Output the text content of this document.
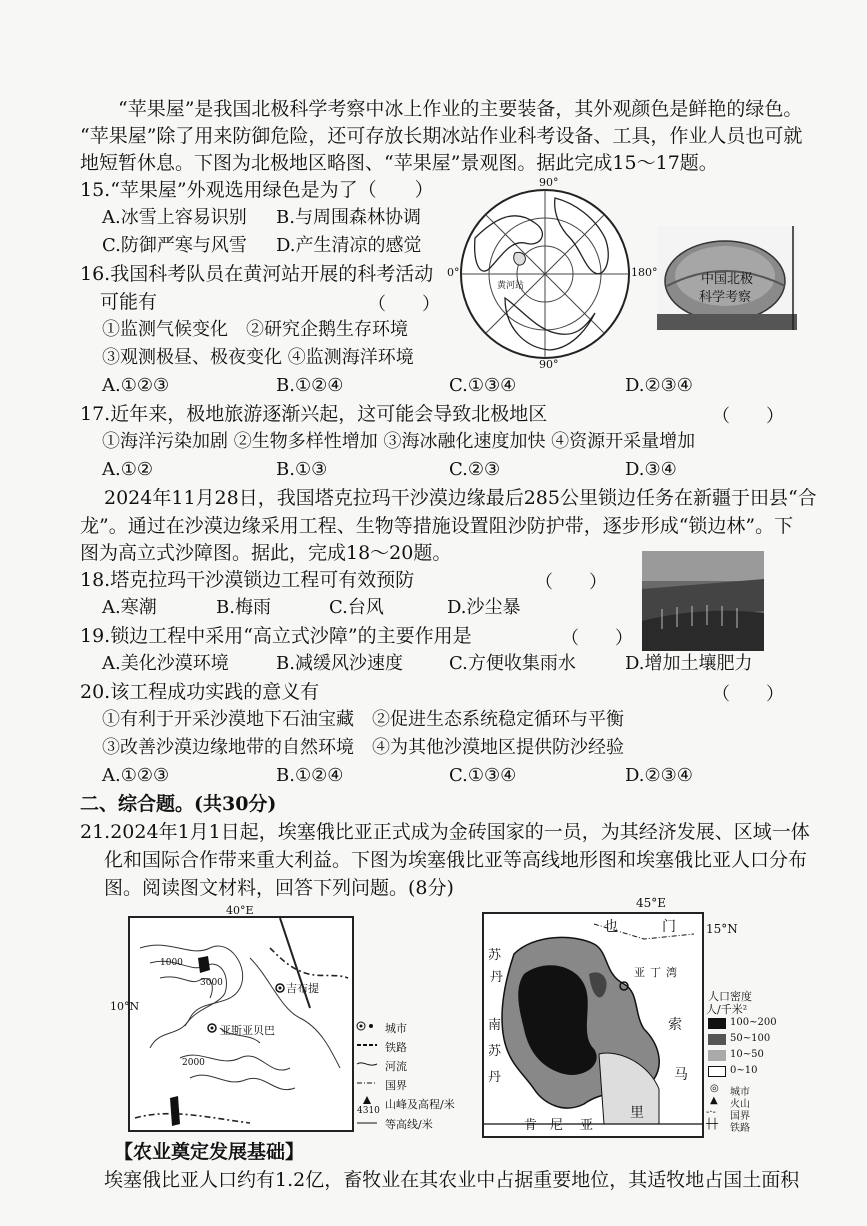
“苹果屋”是我国北极科学考察中冰上作业的主要装备，其外观颜色是鲜艳的绿色。
“苹果屋”除了用来防御危险，还可存放长期冰站作业科考设备、工具，作业人员也可就
地短暂休息。下图为北极地区略图、“苹果屋”景观图。据此完成15～17题。
15.“苹果屋”外观选用绿色是为了（　　）
A.冰雪上容易识别 B.与周围森林协调
C.防御严寒与风雪 D.产生清凉的感觉
16.我国科考队员在黄河站开展的科考活动
可能有	（　　）
①监测气候变化　②研究企鹅生存环境
③观测极昼、极夜变化 ④监测海洋环境
A.①②③	B.①②④	C.①③④	D.②③④
90°
0°	180°
90°
黄河站	中国北极
科学考察
17.近年来，极地旅游逐渐兴起，这可能会导致北极地区	（　　）
①海洋污染加剧 ②生物多样性增加 ③海冰融化速度加快 ④资源开采量增加
A.①②	B.①③	C.②③	D.③④
2024年11月28日，我国塔克拉玛干沙漠边缘最后285公里锁边任务在新疆于田县“合
龙”。通过在沙漠边缘采用工程、生物等措施设置阻沙防护带，逐步形成“锁边林”。下
图为高立式沙障图。据此，完成18～20题。
18.塔克拉玛干沙漠锁边工程可有效预防	（　　）
A.寒潮	B.梅雨	C.台风	D.沙尘暴
19.锁边工程中采用“高立式沙障”的主要作用是	（　　）
A.美化沙漠环境	B.减缓风沙速度	C.方便收集雨水	D.增加土壤肥力
20.该工程成功实践的意义有	（　　）
①有利于开采沙漠地下石油宝藏　②促进生态系统稳定循环与平衡
③改善沙漠边缘地带的自然环境　④为其他沙漠地区提供防沙经验
A.①②③	B.①②④	C.①③④	D.②③④
二、综合题。(共30分)
21.2024年1月1日起，埃塞俄比亚正式成为金砖国家的一员，为其经济发展、区域一体
化和国际合作带来重大利益。下图为埃塞俄比亚等高线地形图和埃塞俄比亚人口分布
图。阅读图文材料，回答下列问题。(8分)
40°E
10°N
吉布提
亚斯亚贝巴
1000
2000
3000
城市
铁路
河流
国界
山峰及高程/米
4310
等高线/米
45°E
15°N
苏
丹
南
苏
丹
也	门
亚 丁 湾
索
马
里
肯 尼 亚
人口密度
人/千米²
100~200
50~100
10~50
0~10
◎ 城市
▲ 火山
-·- 国界
┼┼ 铁路
【农业奠定发展基础】
埃塞俄比亚人口约有1.2亿，畜牧业在其农业中占据重要地位，其适牧地占国土面积
